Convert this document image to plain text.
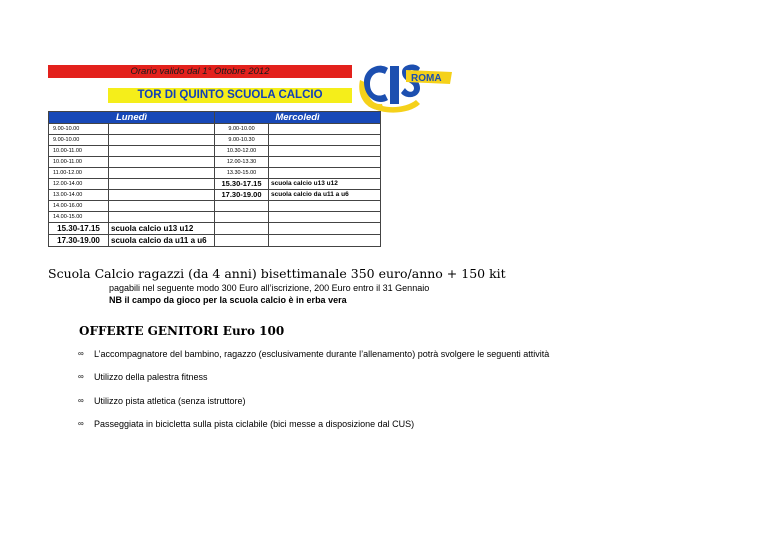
Orario valido dal 1° Ottobre 2012
TOR DI QUINTO SCUOLA CALCIO
ROMA
Lunedì		Mercoledì	
9.00-10.00		9.00-10.00	
9.00-10.00		9.00-10.30	
10.00-11.00		10.30-12.00	
10.00-11.00		12.00-13.30	
11.00-12.00		13.30-15.00	
12.00-14.00		15.30-17.15	scuola calcio u13 u12
13.00-14.00		17.30-19.00	scuola calcio da u11 a u6
14.00-16.00			
14.00-15.00			
15.30-17.15	scuola calcio u13 u12		
17.30-19.00	scuola calcio da u11 a u6		
Scuola Calcio ragazzi (da 4 anni) bisettimanale 350 euro/anno + 150 kit
pagabili nel seguente modo 300 Euro all’iscrizione, 200 Euro entro il 31 Gennaio
NB il campo da gioco per la scuola calcio è in erba vera
OFFERTE GENITORI Euro 100
∞ L’accompagnatore del bambino, ragazzo (esclusivamente durante l’allenamento) potrà svolgere le seguenti attività
∞ Utilizzo della palestra fitness
∞ Utilizzo pista atletica (senza istruttore)
∞ Passeggiata in bicicletta sulla pista ciclabile (bici messe a disposizione dal CUS)
